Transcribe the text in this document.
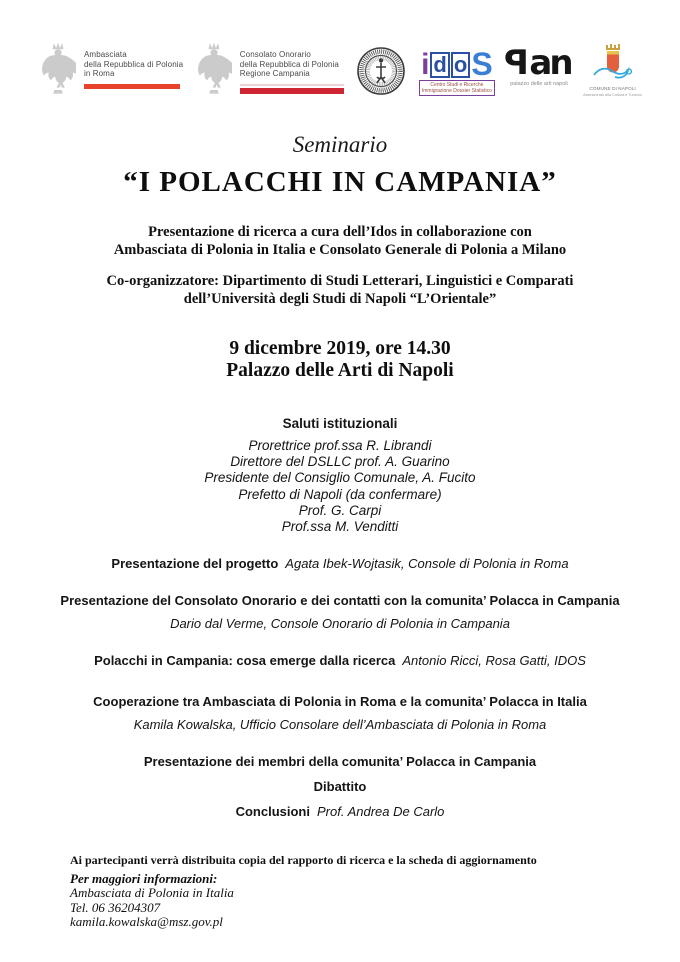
Ambasciata
della Repubblica di Polonia
in Roma
Consolato Onorario
della Repubblica di Polonia
Regione Campania	i d o S
Centro Studi e Ricerche
Immigrazione Dossier Statistico
Pan
palazzo delle arti napoli
COMUNE DI NAPOLI
Assessorato alla Cultura e Turismo
Seminario
“I POLACCHI IN CAMPANIA”
Presentazione di ricerca a cura dell’Idos in collaborazione con
Ambasciata di Polonia in Italia e Consolato Generale di Polonia a Milano
Co-organizzatore: Dipartimento di Studi Letterari, Linguistici e Comparati
dell’Università degli Studi di Napoli “L’Orientale”
9 dicembre 2019, ore 14.30
Palazzo delle Arti di Napoli
Saluti istituzionali
Prorettrice prof.ssa R. Librandi
Direttore del DSLLC prof. A. Guarino
Presidente del Consiglio Comunale, A. Fucito
Prefetto di Napoli (da confermare)
Prof. G. Carpi
Prof.ssa M. Venditti
Presentazione del progetto Agata Ibek-Wojtasik, Console di Polonia in Roma
Presentazione del Consolato Onorario e dei contatti con la comunita’ Polacca in Campania
Dario dal Verme, Console Onorario di Polonia in Campania
Polacchi in Campania: cosa emerge dalla ricerca Antonio Ricci, Rosa Gatti, IDOS
Cooperazione tra Ambasciata di Polonia in Roma e la comunita’ Polacca in Italia
Kamila Kowalska, Ufficio Consolare dell’Ambasciata di Polonia in Roma
Presentazione dei membri della comunita’ Polacca in Campania
Dibattito
Conclusioni Prof. Andrea De Carlo
Ai partecipanti verrà distribuita copia del rapporto di ricerca e la scheda di aggiornamento
Per maggiori informazioni:
Ambasciata di Polonia in Italia
Tel. 06 36204307
kamila.kowalska@msz.gov.pl
